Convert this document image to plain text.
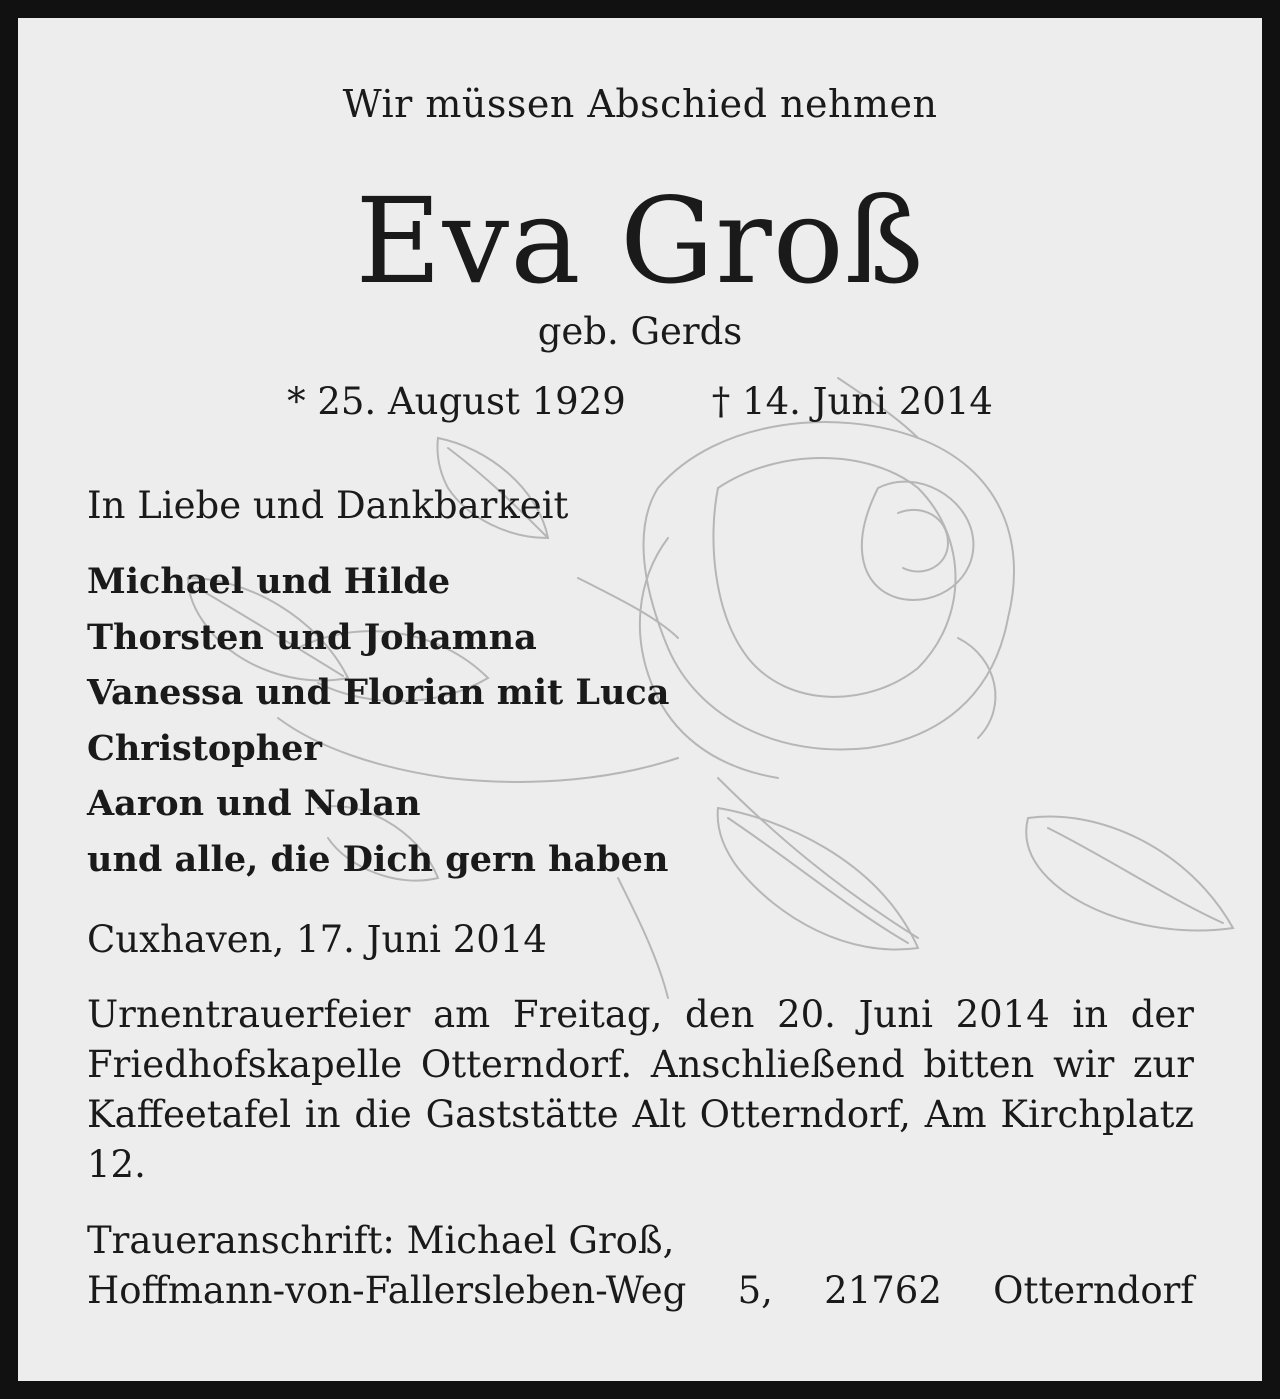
Wir müssen Abschied nehmen
Eva Groß
geb. Gerds
* 25. August 1929 † 14. Juni 2014
In Liebe und Dankbarkeit
Michael und Hilde
Thorsten und Johamna
Vanessa und Florian mit Luca
Christopher
Aaron und Nolan
und alle, die Dich gern haben
Cuxhaven, 17. Juni 2014

Urnentrauerfeier am Freitag, den 20. Juni 2014 in der Friedhofskapelle Otterndorf. Anschließend bitten wir zur Kaffeetafel in die Gaststätte Alt Otterndorf, Am Kirchplatz 12.

Traueranschrift: Michael Groß,
Hoffmann-von-Fallersleben-Weg 5, 21762 Otterndorf
